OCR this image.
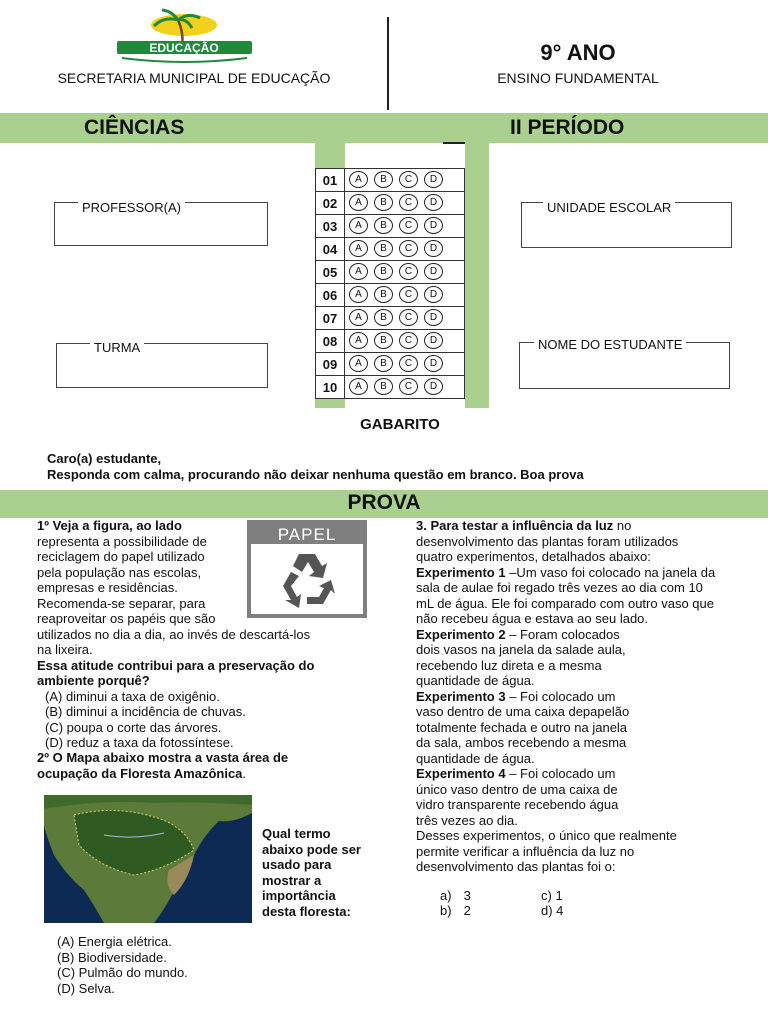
EDUCAÇÃO
SECRETARIA MUNICIPAL DE EDUCAÇÃO
9° ANO
ENSINO FUNDAMENTAL
CIÊNCIAS	II PERÍODO
PROFESSOR(A)
TURMA
UNIDADE ESCOLAR
NOME DO ESTUDANTE
01	A B C D
02	A B C D
03	A B C D
04	A B C D
05	A B C D
06	A B C D
07	A B C D
08	A B C D
09	A B C D
10	A B C D
GABARITO
Caro(a) estudante,
Responda com calma, procurando não deixar nenhuma questão em branco. Boa prova
PROVA

1º Veja a figura, ao lado

representa a possibilidade de

reciclagem do papel utilizado

pela população nas escolas,

empresas e residências.

Recomenda-se separar, para

reaproveitar os papéis que são

utilizados no dia a dia, ao invés de descartá-los

na lixeira.

Essa atitude contribui para a preservação do

ambiente porquê?

(A) diminui a taxa de oxigênio.

(B) diminui a incidência de chuvas.

(C) poupa o corte das árvores.

(D) reduz a taxa da fotossíntese.

PAPEL

2º O Mapa abaixo mostra a vasta área de

ocupação da Floresta Amazônica.

Qual termo

abaixo pode ser

usado para

mostrar a

importância

desta floresta:

(A) Energia elétrica.

(B) Biodiversidade.

(C) Pulmão do mundo.

(D) Selva.

3. Para testar a influência da luz no

desenvolvimento das plantas foram utilizados

quatro experimentos, detalhados abaixo:

Experimento 1 –Um vaso foi colocado na janela da

sala de aulae foi regado três vezes ao dia com 10

mL de água. Ele foi comparado com outro vaso que

não recebeu água e estava ao seu lado.

Experimento 2 – Foram colocados

dois vasos na janela da salade aula,

recebendo luz direta e a mesma

quantidade de água.

Experimento 3 – Foi colocado um

vaso dentro de uma caixa depapelão

totalmente fechada e outro na janela

da sala, ambos recebendo a mesma

quantidade de água.

Experimento 4 – Foi colocado um

único vaso dentro de uma caixa de

vidro transparente recebendo água

três vezes ao dia.

Desses experimentos, o único que realmente

permite verificar a influência da luz no

desenvolvimento das plantas foi o:

a) 3
b) 2
c) 1
d) 4
